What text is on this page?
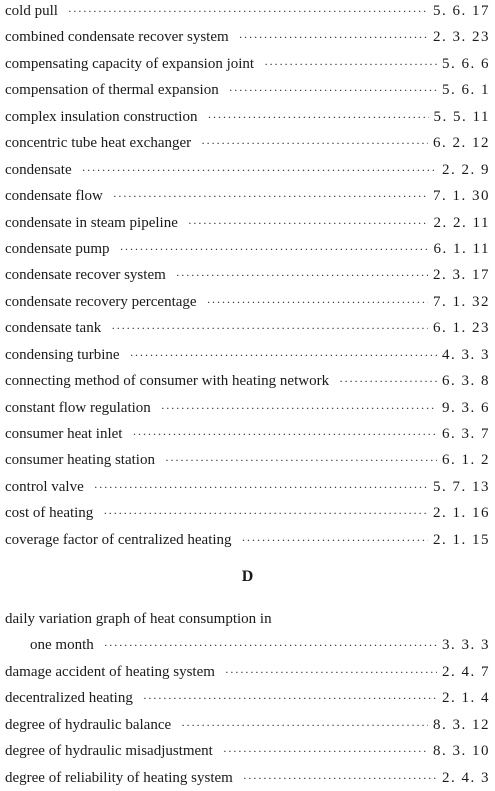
cold pull ·····	5. 6. 17
combined condensate recover system ·····	2. 3. 23
compensating capacity of expansion joint ·····	5. 6. 6
compensation of thermal expansion ·····	5. 6. 1
complex insulation construction ·····	5. 5. 11
concentric tube heat exchanger ·····	6. 2. 12
condensate ·····	2. 2. 9
condensate flow ·····	7. 1. 30
condensate in steam pipeline ·····	2. 2. 11
condensate pump ·····	6. 1. 11
condensate recover system ·····	2. 3. 17
condensate recovery percentage ·····	7. 1. 32
condensate tank ·····	6. 1. 23
condensing turbine ·····	4. 3. 3
connecting method of consumer with heating network ·····	6. 3. 8
constant flow regulation ·····	9. 3. 6
consumer heat inlet ·····	6. 3. 7
consumer heating station ·····	6. 1. 2
control valve ·····	5. 7. 13
cost of heating ·····	2. 1. 16
coverage factor of centralized heating ·····	2. 1. 15
D
daily variation graph of heat consumption in
one month ·····	3. 3. 3
damage accident of heating system ·····	2. 4. 7
decentralized heating ·····	2. 1. 4
degree of hydraulic balance ·····	8. 3. 12
degree of hydraulic misadjustment ·····	8. 3. 10
degree of reliability of heating system ·····	2. 4. 3
